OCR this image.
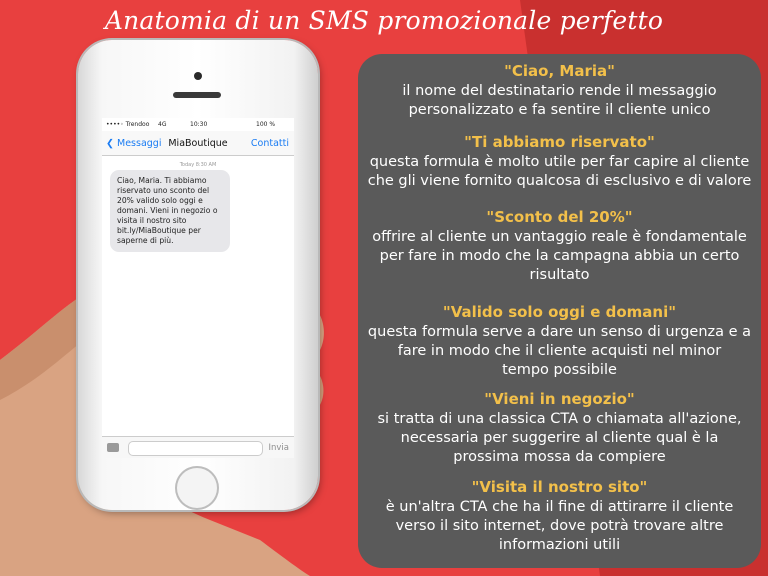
Anatomia di un SMS promozionale perfetto
••••◦ Trendoo 4G	10:30	100 %
MiaBoutique
❮ Messaggi	Contatti
Today 8:30 AM
Ciao, Maria. Ti abbiamo riservato uno sconto del 20% valido solo oggi e domani. Vieni in negozio o visita il nostro sito bit.ly/MiaBoutique per saperne di più.
Invia
"Ciao, Maria"
il nome del destinatario rende il messaggio
personalizzato e fa sentire il cliente unico
"Ti abbiamo riservato"
questa formula è molto utile per far capire al cliente
che gli viene fornito qualcosa di esclusivo e di valore
"Sconto del 20%"
offrire al cliente un vantaggio reale è fondamentale
per fare in modo che la campagna abbia un certo
risultato
"Valido solo oggi e domani"
questa formula serve a dare un senso di urgenza e a
fare in modo che il cliente acquisti nel minor
tempo possibile
"Vieni in negozio"
si tratta di una classica CTA o chiamata all'azione,
necessaria per suggerire al cliente qual è la
prossima mossa da compiere
"Visita il nostro sito"
è un'altra CTA che ha il fine di attirarre il cliente
verso il sito internet, dove potrà trovare altre
informazioni utili
